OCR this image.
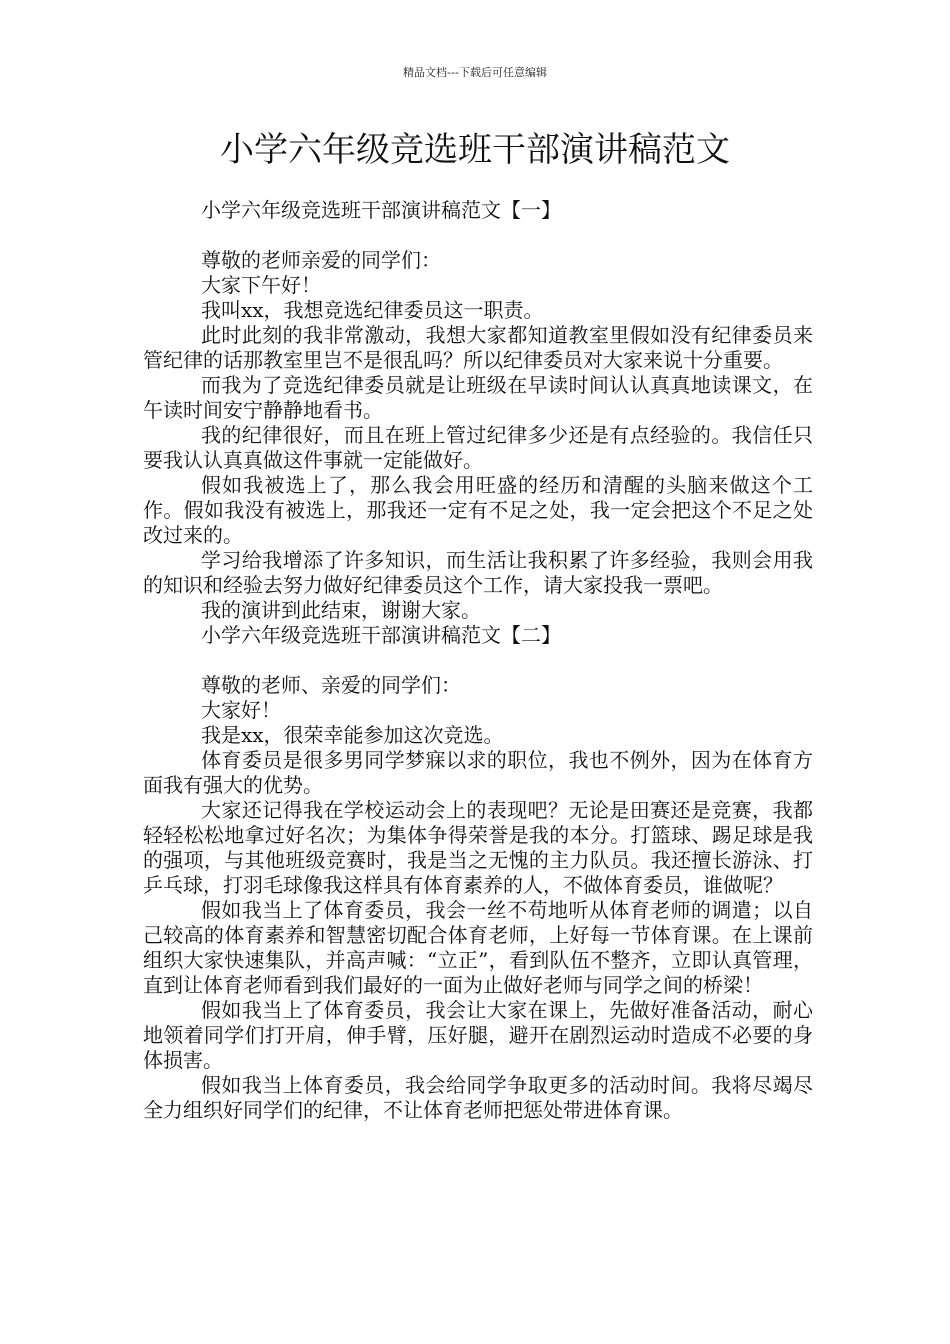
精品文档---下载后可任意编辑
小学六年级竞选班干部演讲稿范文

小学六年级竞选班干部演讲稿范文【一】

尊敬的老师亲爱的同学们：

大家下午好！

我叫xx，我想竞选纪律委员这一职责。

此时此刻的我非常激动，我想大家都知道教室里假如没有纪律委员来管纪律的话那教室里岂不是很乱吗？所以纪律委员对大家来说十分重要。

而我为了竞选纪律委员就是让班级在早读时间认认真真地读课文，在午读时间安宁静静地看书。

我的纪律很好，而且在班上管过纪律多少还是有点经验的。我信任只要我认认真真做这件事就一定能做好。

假如我被选上了，那么我会用旺盛的经历和清醒的头脑来做这个工作。假如我没有被选上，那我还一定有不足之处，我一定会把这个不足之处改过来的。

学习给我增添了许多知识，而生活让我积累了许多经验，我则会用我的知识和经验去努力做好纪律委员这个工作，请大家投我一票吧。

我的演讲到此结束，谢谢大家。

小学六年级竞选班干部演讲稿范文【二】

尊敬的老师、亲爱的同学们：

大家好！

我是xx，很荣幸能参加这次竞选。

体育委员是很多男同学梦寐以求的职位，我也不例外，因为在体育方面我有强大的优势。

大家还记得我在学校运动会上的表现吧？无论是田赛还是竞赛，我都轻轻松松地拿过好名次；为集体争得荣誉是我的本分。打篮球、踢足球是我的强项，与其他班级竞赛时，我是当之无愧的主力队员。我还擅长游泳、打乒乓球，打羽毛球像我这样具有体育素养的人，不做体育委员，谁做呢？

假如我当上了体育委员，我会一丝不苟地听从体育老师的调遣；以自己较高的体育素养和智慧密切配合体育老师，上好每一节体育课。在上课前组织大家快速集队，并高声喊：“立正”，看到队伍不整齐，立即认真管理，直到让体育老师看到我们最好的一面为止做好老师与同学之间的桥梁！

假如我当上了体育委员，我会让大家在课上，先做好准备活动，耐心地领着同学们打开肩，伸手臂，压好腿，避开在剧烈运动时造成不必要的身体损害。

假如我当上体育委员，我会给同学争取更多的活动时间。我将尽竭尽全力组织好同学们的纪律，不让体育老师把惩处带进体育课。
